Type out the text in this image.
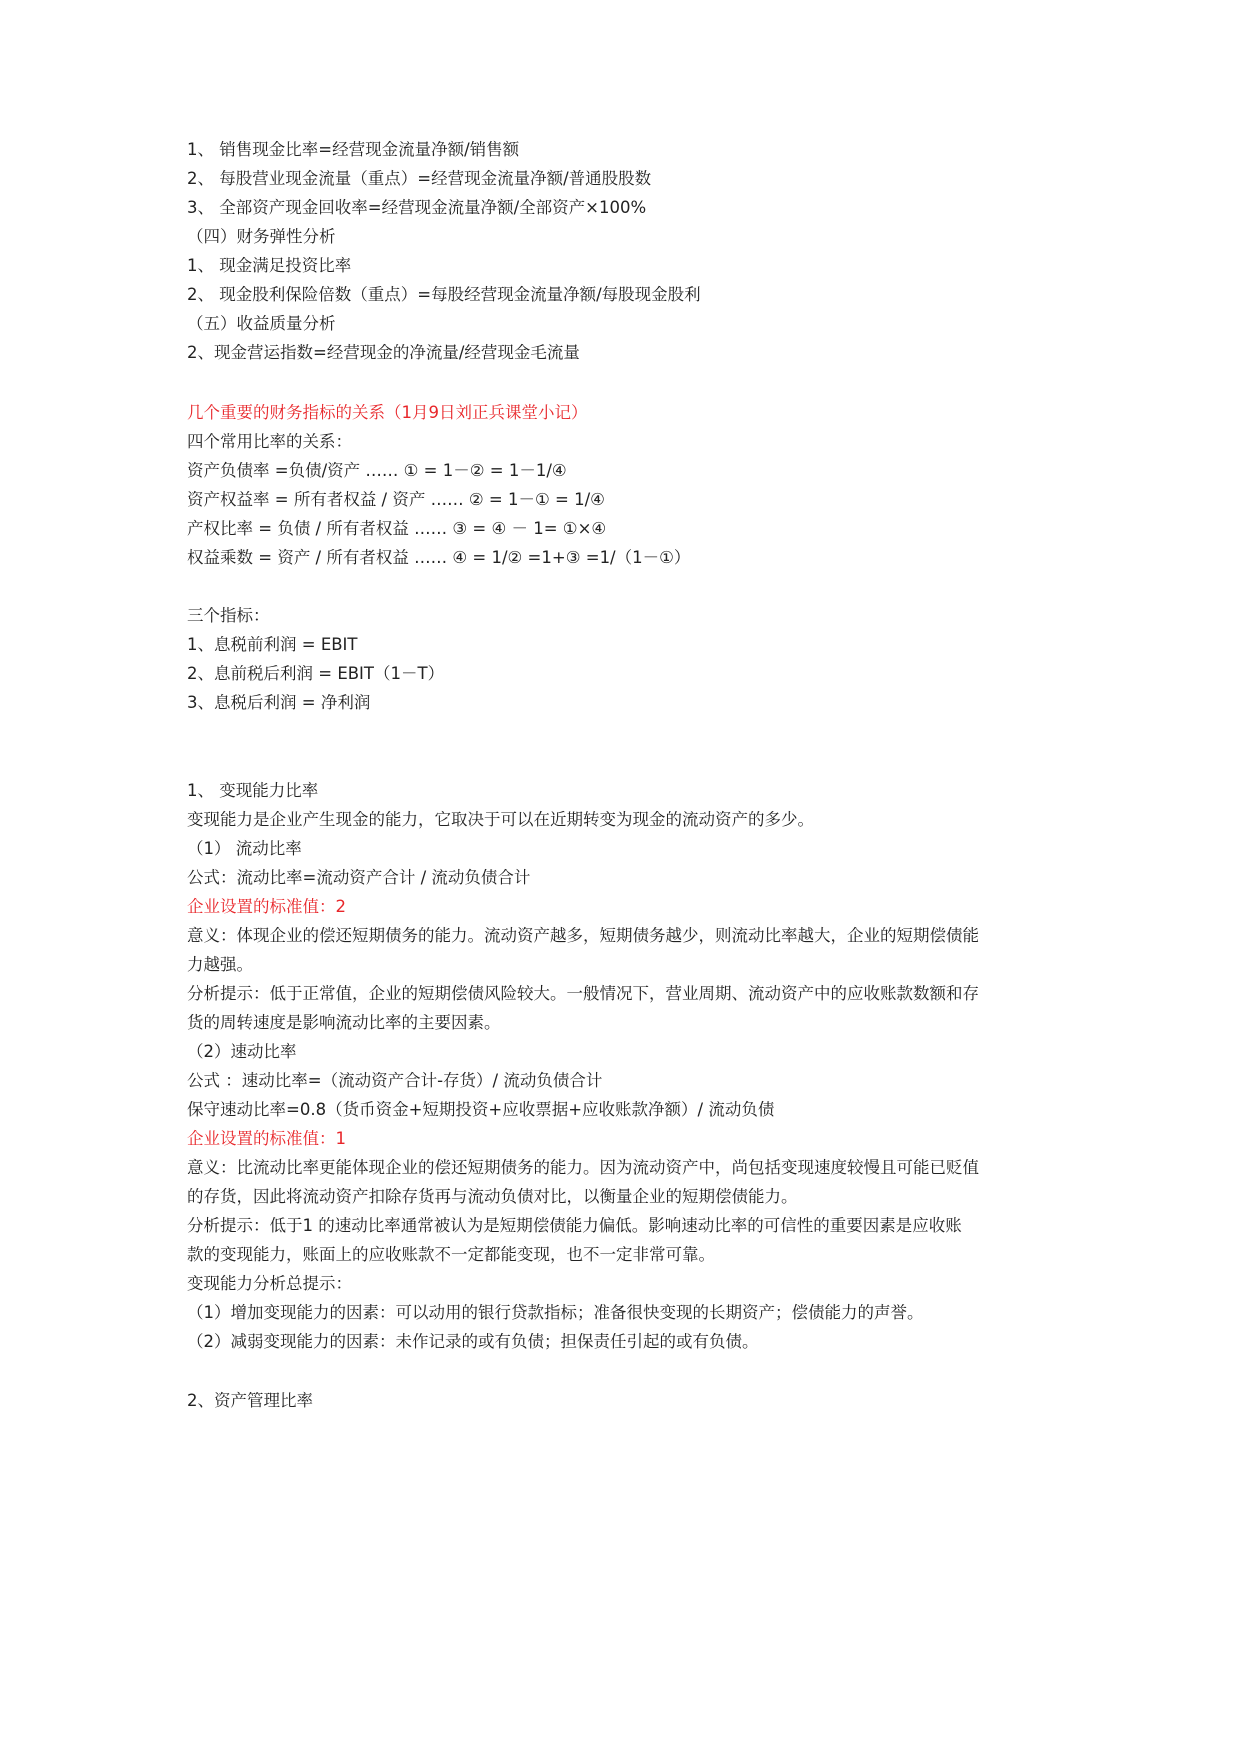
1、 销售现金比率=经营现金流量净额/销售额
2、 每股营业现金流量（重点）=经营现金流量净额/普通股股数
3、 全部资产现金回收率=经营现金流量净额/全部资产×100%
（四）财务弹性分析
1、 现金满足投资比率
2、 现金股利保险倍数（重点）=每股经营现金流量净额/每股现金股利
（五）收益质量分析
2、现金营运指数=经营现金的净流量/经营现金毛流量
几个重要的财务指标的关系（1月9日刘正兵课堂小记）
四个常用比率的关系：
资产负债率 =负债/资产 …… ① = 1－② = 1－1/④
资产权益率 = 所有者权益 / 资产 …… ② = 1－① = 1/④
产权比率 = 负债 / 所有者权益 …… ③ = ④ － 1= ①×④
权益乘数 = 资产 / 所有者权益 …… ④ = 1/② =1+③ =1/（1－①）
三个指标：
1、息税前利润 = EBIT
2、息前税后利润 = EBIT（1－T）
3、息税后利润 = 净利润
1、 变现能力比率
变现能力是企业产生现金的能力，它取决于可以在近期转变为现金的流动资产的多少。
（1） 流动比率
公式：流动比率=流动资产合计 / 流动负债合计
企业设置的标准值：2
意义：体现企业的偿还短期债务的能力。流动资产越多，短期债务越少，则流动比率越大，企业的短期偿债能
力越强。
分析提示：低于正常值，企业的短期偿债风险较大。一般情况下，营业周期、流动资产中的应收账款数额和存
货的周转速度是影响流动比率的主要因素。
（2）速动比率
公式 ：速动比率=（流动资产合计-存货）/ 流动负债合计
保守速动比率=0.8（货币资金+短期投资+应收票据+应收账款净额）/ 流动负债
企业设置的标准值：1
意义：比流动比率更能体现企业的偿还短期债务的能力。因为流动资产中，尚包括变现速度较慢且可能已贬值
的存货，因此将流动资产扣除存货再与流动负债对比，以衡量企业的短期偿债能力。
分析提示：低于1 的速动比率通常被认为是短期偿债能力偏低。影响速动比率的可信性的重要因素是应收账
款的变现能力，账面上的应收账款不一定都能变现，也不一定非常可靠。
变现能力分析总提示：
（1）增加变现能力的因素：可以动用的银行贷款指标；准备很快变现的长期资产；偿债能力的声誉。
（2）减弱变现能力的因素：未作记录的或有负债；担保责任引起的或有负债。
2、资产管理比率
